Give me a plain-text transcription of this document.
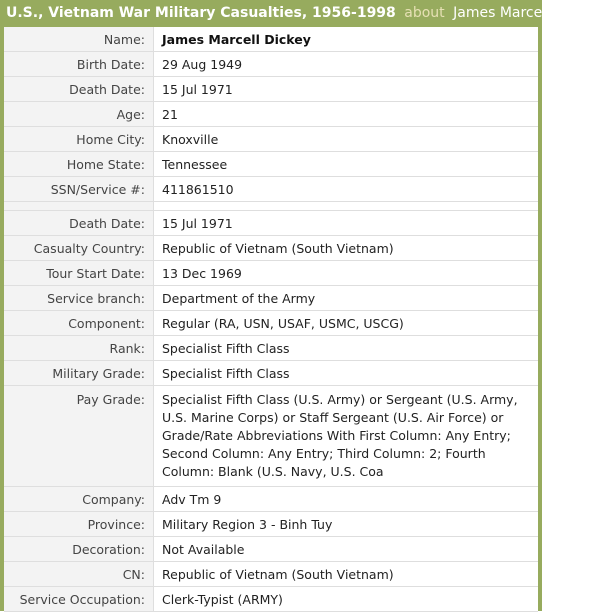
U.S., Vietnam War Military Casualties, 1956-1998 about James Marcell Dickey
Name:	James Marcell Dickey
Birth Date:	29 Aug 1949
Death Date:	15 Jul 1971
Age:	21
Home City:	Knoxville
Home State:	Tennessee
SSN/Service #:	411861510

Death Date:	15 Jul 1971
Casualty Country:	Republic of Vietnam (South Vietnam)
Tour Start Date:	13 Dec 1969
Service branch:	Department of the Army
Component:	Regular (RA, USN, USAF, USMC, USCG)
Rank:	Specialist Fifth Class
Military Grade:	Specialist Fifth Class
Pay Grade:	Specialist Fifth Class (U.S. Army) or Sergeant (U.S. Army, U.S. Marine Corps) or Staff Sergeant (U.S. Air Force) or Grade/Rate Abbreviations With First Column: Any Entry; Second Column: Any Entry; Third Column: 2; Fourth Column: Blank (U.S. Navy, U.S. Coa
Company:	Adv Tm 9
Province:	Military Region 3 - Binh Tuy
Decoration:	Not Available
CN:	Republic of Vietnam (South Vietnam)
Service Occupation:	Clerk-Typist (ARMY)
